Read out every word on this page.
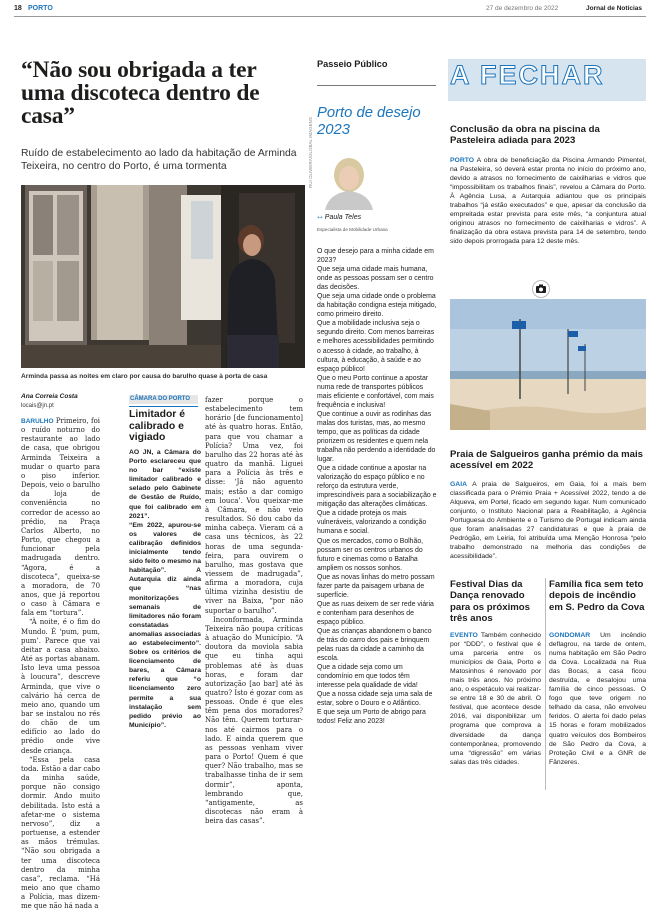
18 PORTO	27 de dezembro de 2022	Jornal de Notícias
“Não sou obrigada a ter uma discoteca dentro de casa”
Ruído de estabelecimento ao lado da habitação de Arminda Teixeira, no centro do Porto, é uma tormenta
Arminda passa as noites em claro por causa do barulho quase à porta de casa
Ana Correia Costa
locais@jn.pt

BARULHO Primeiro, foi o ruído noturno do restaurante ao lado de casa, que obrigou Arminda Teixeira a mudar o quarto para o piso inferior. Depois, veio o barulho da loja de conveniência no corredor de acesso ao prédio, na Praça Carlos Alberto, no Porto, que chegou a funcionar pela madrugada dentro. “Agora, é a discoteca”, queixa-se a moradora, de 70 anos, que já reportou o caso à Câmara e fala em “tortura”.

“À noite, é o fim do Mundo. É ‘pum, pum, pum’. Parece que vai deitar a casa abaixo. Até as portas abanam. Isto leva uma pessoa à loucura”, descreve Arminda, que vive o calvário há cerca de meio ano, quando um bar se instalou no rés do chão de um edifício ao lado do prédio onde vive desde criança.

“Essa pela casa toda. Estão a dar cabo da minha saúde, porque não consigo dormir. Ando muito debilitada. Isto está a afetar-me o sistema nervoso”, diz a portuense, a estender as mãos trémulas. “Não sou obrigada a ter uma discoteca dentro da minha casa”, reclama. “Há meio ano que chamo a Polícia, mas dizem-me que não há nada a

CÂMARA DO PORTO
Limitador é calibrado e vigiado

AO JN, a Câmara do Porto esclareceu que no bar “existe limitador calibrado e selado pelo Gabinete de Gestão de Ruído, que foi calibrado em 2021”.

“Em 2022, apurou-se os valores de calibração definidos inicialmente tendo sido feito o mesmo na habitação”. A Autarquia diz ainda que “nas monitorizações semanais de limitadores não foram constatadas anomalias associadas ao estabelecimento”. Sobre os critérios de licenciamento de bares, a Câmara referiu que “o licenciamento zero permite a sua instalação sem pedido prévio ao Município”.

fazer porque o estabelecimento tem horário [de funcionamento] até às quatro horas. Então, para que vou chamar a Polícia? Uma vez, foi barulho das 22 horas até às quatro da manhã. Liguei para a Polícia às três e disse: ‘Já não aguento mais; estão a dar comigo em louca’. Vou queixar-me à Câmara, e não veio resultados. Só dou cabo da minha cabeça. Vieram cá a casa uns técnicos, às 22 horas de uma segunda-feira, para ouvirem o barulho, mas gostava que viessem de madrugada”, afirma a moradora, cuja última vizinha desistiu de viver na Baixa, “por não suportar o barulho”.

Inconformada, Arminda Teixeira não poupa críticas à atuação do Município. “A doutora da moviola sabia que eu tinha aqui problemas até às duas horas, e foram dar autorização [ao bar] até às quatro? Isto é gozar com as pessoas. Onde é que eles têm pena dos moradores? Não têm. Querem torturar-nos até cairmos para o lado. E ainda querem que as pessoas venham viver para o Porto! Quem é que quer? Não trabalho, mas se trabalhasse tinha de ir sem dormir”, aponta, lembrando que, “antigamente, as discotecas não eram à beira das casas”.

Passeio Público
Porto de desejo 2023
RUI OLIVEIRA/GLOBAL IMAGENS
++ Paula Teles
Especialista de Mobilidade Urbana

O que desejo para a minha cidade em 2023?

Que seja uma cidade mais humana, onde as pessoas possam ser o centro das decisões.

Que seja uma cidade onde o problema da habitação condigna esteja mitigado, como primeiro direito.

Que a mobilidade inclusiva seja o segundo direito. Com menos barreiras e melhores acessibilidades permitindo o acesso à cidade, ao trabalho, à cultura, à educação, à saúde e ao espaço público!

Que o meu Porto continue a apostar numa rede de transportes públicos mais eficiente e confortável, com mais frequência e inclusiva!

Que continue a ouvir as rodinhas das malas dos turistas, mas, ao mesmo tempo, que as políticas da cidade priorizem os residentes e quem nela trabalha não perdendo a identidade do lugar.

Que a cidade continue a apostar na valorização do espaço público e no reforço da estrutura verde, imprescindíveis para a sociabilização e mitigação das alterações climáticas.

Que a cidade proteja os mais vulneráveis, valorizando a condição humana e social.

Que os mercados, como o Bolhão, possam ser os centros urbanos do futuro e cinemas como o Batalha ampliem os nossos sonhos.

Que as novas linhas do metro possam fazer parte da paisagem urbana de superfície.

Que as ruas deixem de ser rede viária e contenham para desenhos de espaço público.

Que as crianças abandonem o banco de trás do carro dos pais e brinquem pelas ruas da cidade a caminho da escola.

Que a cidade seja como um condomínio em que todos têm interesse pela qualidade de vida!

Que a nossa cidade seja uma sala de estar, sobre o Douro e o Atlântico.

E que seja um Porto de abrigo para todos! Feliz ano 2023!

A FECHAR
Conclusão da obra na piscina da Pasteleira adiada para 2023

PORTO A obra de beneficiação da Piscina Armando Pimentel, na Pasteleira, só deverá estar pronta no início do próximo ano, devido a atrasos no fornecimento de caixilharias e vidros que “impossibilitam os trabalhos finais”, revelou a Câmara do Porto. À Agência Lusa, a Autarquia adiantou que os principais trabalhos “já estão executados” e que, apesar da conclusão da empreitada estar prevista para este mês, “a conjuntura atual originou atrasos no fornecimento de caixilharias e vidros”. A finalização da obra estava prevista para 14 de setembro, tendo sido depois prorrogada para 12 deste mês.

Praia de Salgueiros ganha prémio da mais acessível em 2022

GAIA A praia de Salgueiros, em Gaia, foi a mais bem classificada para o Prémio Praia + Acessível 2022, tendo a de Alqueva, em Portel, ficado em segundo lugar. Num comunicado conjunto, o Instituto Nacional para a Reabilitação, a Agência Portuguesa do Ambiente e o Turismo de Portugal indicam ainda que foram analisadas 27 candidaturas e que à praia de Pedrógão, em Leiria, foi atribuída uma Menção Honrosa “pelo trabalho demonstrado na melhoria das condições de acessibilidade”.

Festival Dias da Dança renovado para os próximos três anos

EVENTO Também conhecido por “DDD”, o festival que é uma parceria entre os municípios de Gaia, Porto e Matosinhos é renovado por mais três anos. No próximo ano, o espetáculo vai realizar-se entre 18 e 30 de abril. O festival, que acontece desde 2016, vai disponibilizar um programa que comprova a diversidade da dança contemporânea, promovendo uma “digressão” em várias salas das três cidades.

Família fica sem teto depois de incêndio em S. Pedro da Cova

GONDOMAR Um incêndio deflagrou, na tarde de ontem, numa habitação em São Pedro da Cova. Localizada na Rua das Bocas, a casa ficou destruída, e desalojou uma família de cinco pessoas. O fogo que teve origem no telhado da casa, não envolveu feridos. O alerta foi dado pelas 15 horas e foram mobilizados quatro veículos dos Bombeiros de São Pedro da Cova, a Proteção Civil e a GNR de Fânzeres.
